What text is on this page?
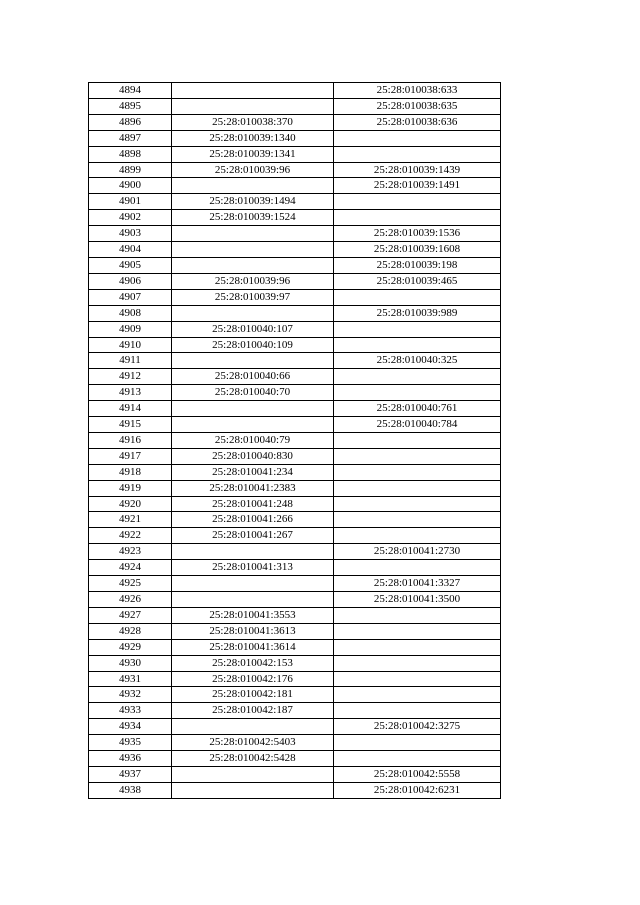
4894		25:28:010038:633
4895		25:28:010038:635
4896	25:28:010038:370	25:28:010038:636
4897	25:28:010039:1340	
4898	25:28:010039:1341	
4899	25:28:010039:96	25:28:010039:1439
4900		25:28:010039:1491
4901	25:28:010039:1494	
4902	25:28:010039:1524	
4903		25:28:010039:1536
4904		25:28:010039:1608
4905		25:28:010039:198
4906	25:28:010039:96	25:28:010039:465
4907	25:28:010039:97	
4908		25:28:010039:989
4909	25:28:010040:107	
4910	25:28:010040:109	
4911		25:28:010040:325
4912	25:28:010040:66	
4913	25:28:010040:70	
4914		25:28:010040:761
4915		25:28:010040:784
4916	25:28:010040:79	
4917	25:28:010040:830	
4918	25:28:010041:234	
4919	25:28:010041:2383	
4920	25:28:010041:248	
4921	25:28:010041:266	
4922	25:28:010041:267	
4923		25:28:010041:2730
4924	25:28:010041:313	
4925		25:28:010041:3327
4926		25:28:010041:3500
4927	25:28:010041:3553	
4928	25:28:010041:3613	
4929	25:28:010041:3614	
4930	25:28:010042:153	
4931	25:28:010042:176	
4932	25:28:010042:181	
4933	25:28:010042:187	
4934		25:28:010042:3275
4935	25:28:010042:5403	
4936	25:28:010042:5428	
4937		25:28:010042:5558
4938		25:28:010042:6231
